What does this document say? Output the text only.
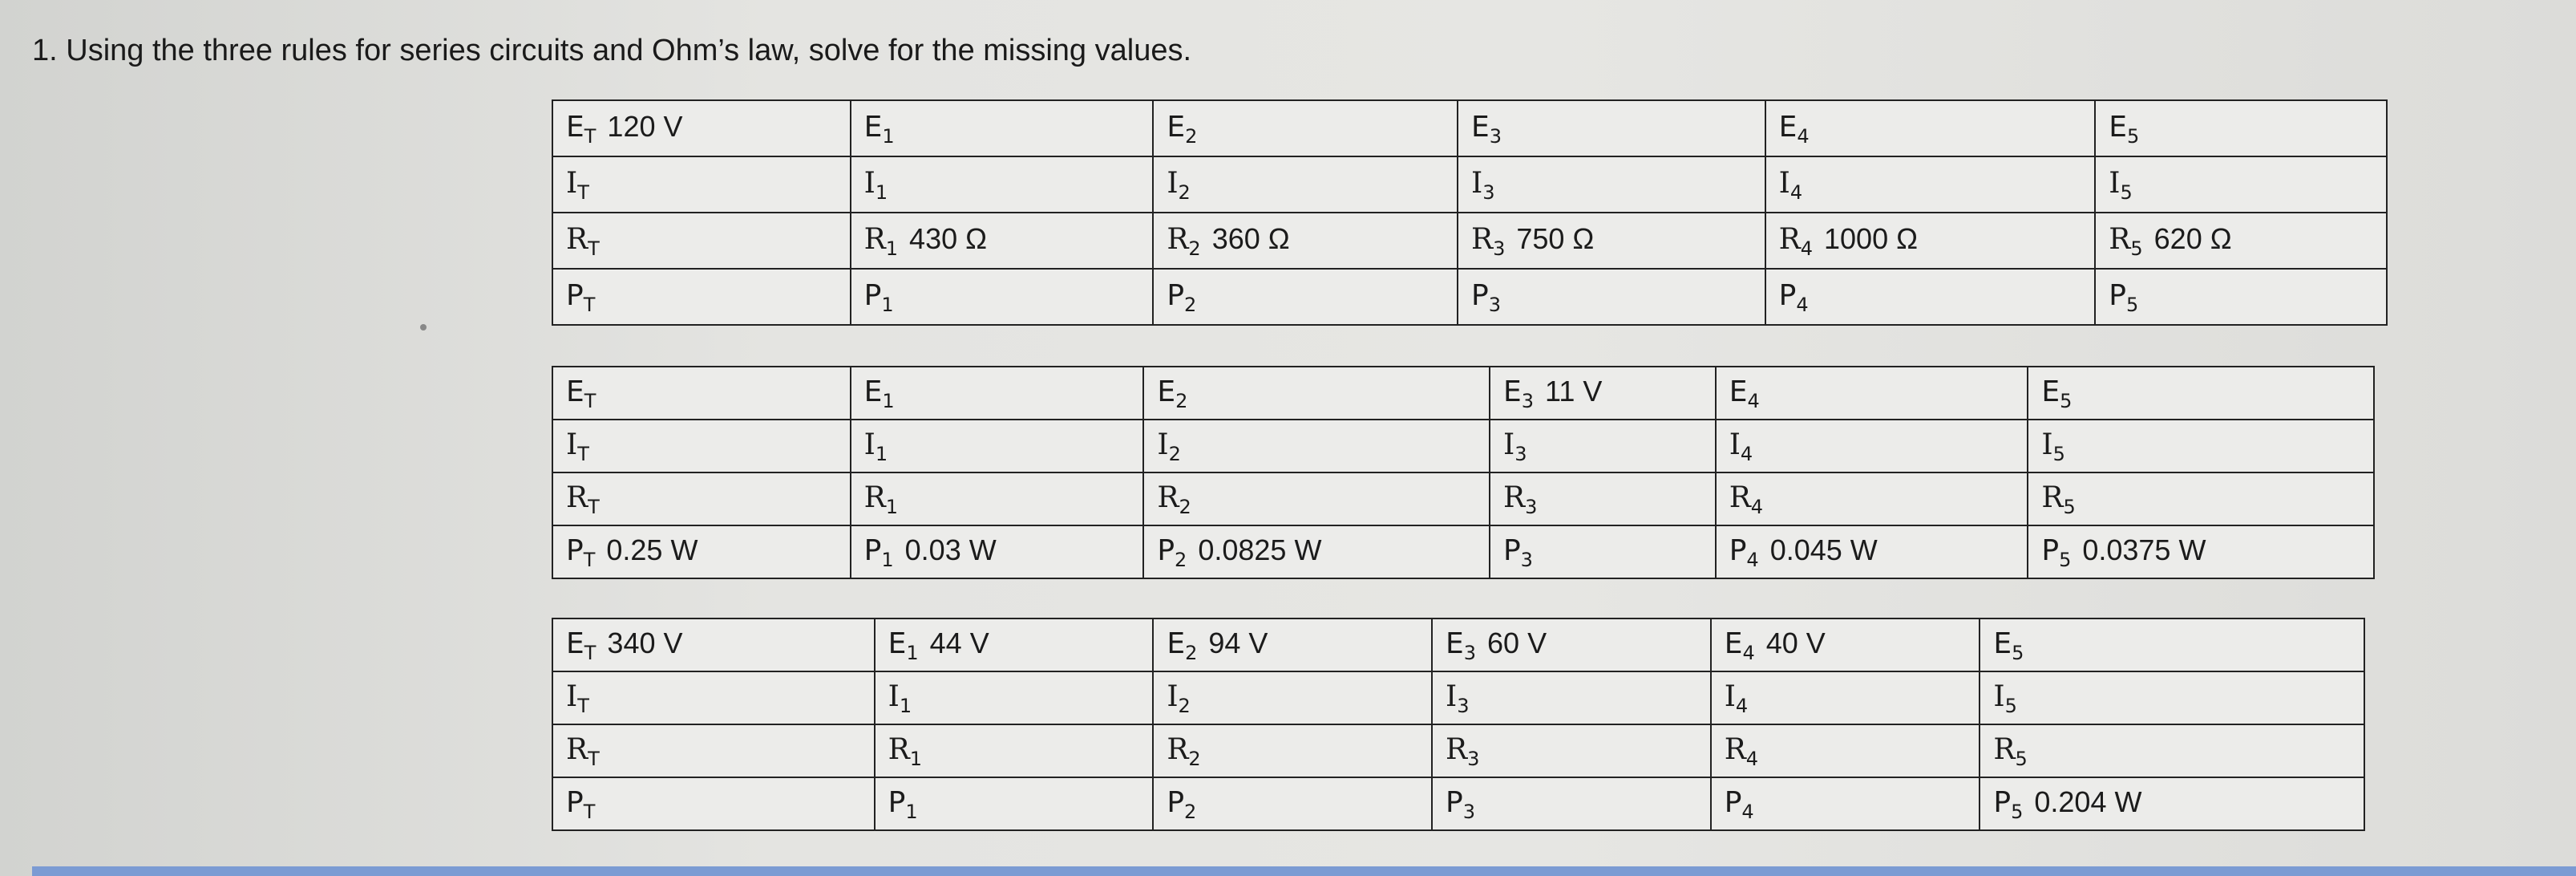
1. Using the three rules for series circuits and Ohm’s law, solve for the missing values.
$E_T$ 120 V	$E_1$	$E_2$	$E_3$	$E_4$	$E_5$
$I_T$	$I_1$	$I_2$	$I_3$	$I_4$	$I_5$
$R_T$	$R_1$ 430 Ω	$R_2$ 360 Ω	$R_3$ 750 Ω	$R_4$ 1000 Ω	$R_5$ 620 Ω
$P_T$	$P_1$	$P_2$	$P_3$	$P_4$	$P_5$
$E_T$	$E_1$	$E_2$	$E_3$ 11 V	$E_4$	$E_5$
$I_T$	$I_1$	$I_2$	$I_3$	$I_4$	$I_5$
$R_T$	$R_1$	$R_2$	$R_3$	$R_4$	$R_5$
$P_T$ 0.25 W	$P_1$ 0.03 W	$P_2$ 0.0825 W	$P_3$	$P_4$ 0.045 W	$P_5$ 0.0375 W
$E_T$ 340 V	$E_1$ 44 V	$E_2$ 94 V	$E_3$ 60 V	$E_4$ 40 V	$E_5$
$I_T$	$I_1$	$I_2$	$I_3$	$I_4$	$I_5$
$R_T$	$R_1$	$R_2$	$R_3$	$R_4$	$R_5$
$P_T$	$P_1$	$P_2$	$P_3$	$P_4$	$P_5$ 0.204 W
